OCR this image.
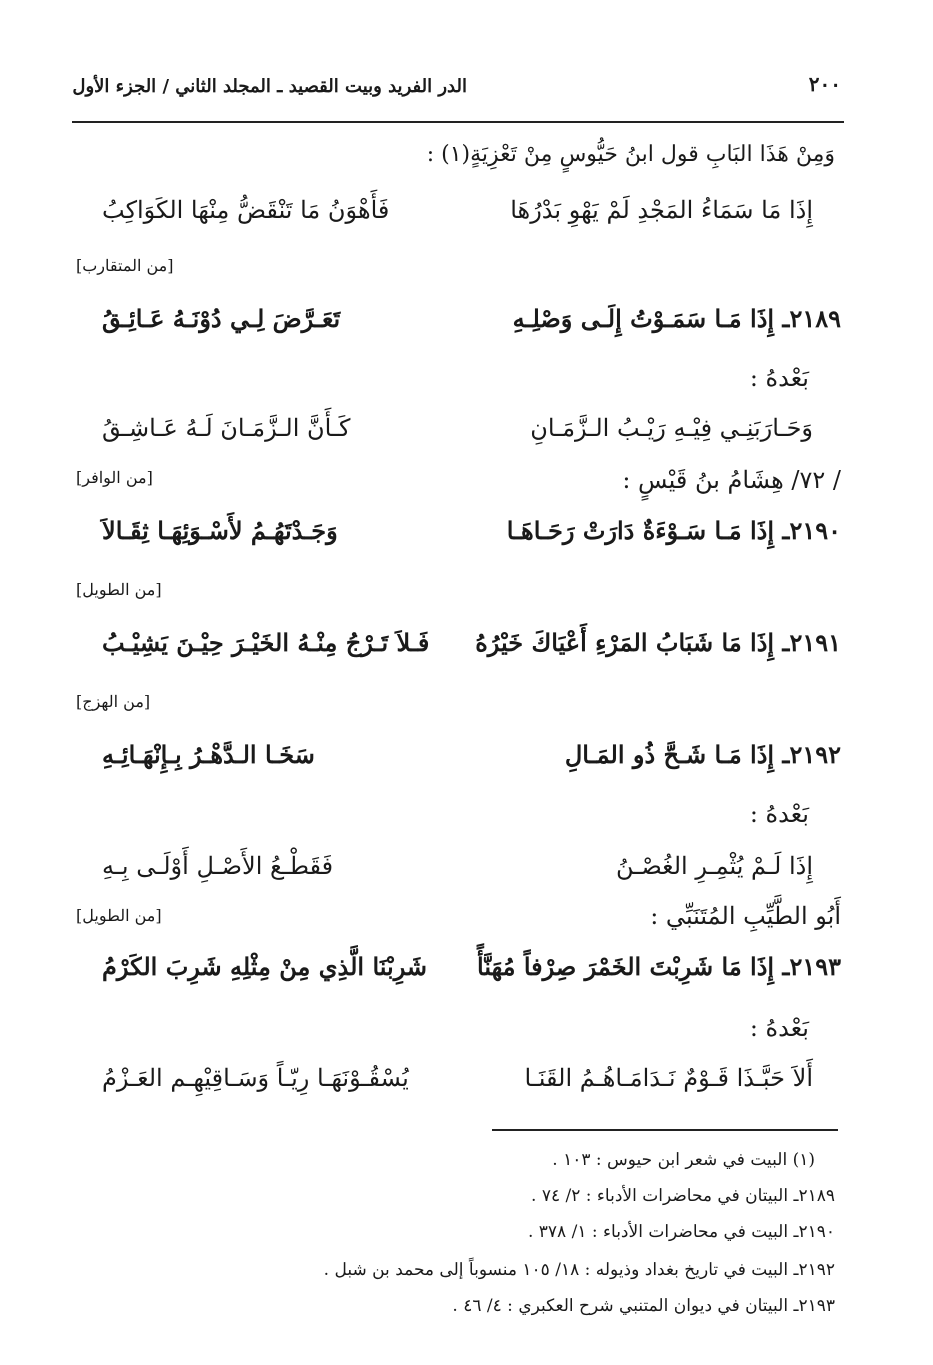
٢٠٠
الدر الفريد وبيت القصيد ـ المجلد الثاني / الجزء الأول
وَمِنْ هَذَا البَابِ قول ابنُ حَيُّوسٍ مِنْ تَعْزِيَةٍ(١) :
إِذَا مَا سَمَاءُ المَجْدِ لَمْ يَهْوِ بَدْرُهَا
فَأَهْوَنُ مَا تَنْقَضُّ مِنْهَا الكَوَاكِبُ
[من المتقارب]
٢١٨٩ـ إِذَا مَـا سَمَـوْتُ إِلَـى وَصْلِـهِ
تَعَـرَّضَ لِـي دُوْنَـهُ عَـائِـقُ
بَعْدهُ :
وَحَـارَبَنِـي فِيْـهِ رَيْـبُ الـزَّمَـانِ
كَـأَنَّ الـزَّمَـانَ لَـهُ عَـاشِـقُ
/ ٧٢/ هِشَامُ بنُ قَيْسٍ :
[من الوافر]
٢١٩٠ـ إِذَا مَـا سَـوْءَةٌ دَارَتْ رَحَـاهَـا
وَجَـدْتَهُـمُ لأَسْـوَئِهَـا ثِقَـالاَ
[من الطويل]
٢١٩١ـ إِذَا مَا شَبَابُ المَرْءِ أَعْيَاكَ خَيْرُهُ
فَـلاَ تَـرْجُ مِنْـهُ الخَيْـرَ حِيْـنَ يَشِيْـبُ
[من الهزج]
٢١٩٢ـ إِذَا مَـا شَـحَّ ذُو المَـالِ
سَخَـا الـدَّهْـرُ بِـإِنْهَـائِـهِ
بَعْدهُ :
إِذَا لَـمْ يُثْمِـرِ الغُصْـنُ
فَقَطْـعُ الأَصْـلِ أَوْلَـى بِـهِ
أَبُو الطَّيِّبِ المُتَنَبِّي :
[من الطويل]
٢١٩٣ـ إِذَا مَا شَرِبْتَ الخَمْرَ صِرْفاً مُهَنَّأً
شَرِبْنَا الَّذِي مِنْ مِثْلِهِ شَرِبَ الكَرْمُ
بَعْدهُ :
أَلاَ حَبَّـذَا قَـوْمٌ نَـدَامَـاهُـمُ القَنَـا
يُسْقُـوْنَهَـا رِيّـاً وَسَـاقِيْهِـم العَـزْمُ
(١) البيت في شعر ابن حيوس : ١٠٣ .
٢١٨٩ـ البيتان في محاضرات الأدباء : ٢/ ٧٤ .
٢١٩٠ـ البيت في محاضرات الأدباء : ١/ ٣٧٨ .
٢١٩٢ـ البيت في تاريخ بغداد وذيوله : ١٨/ ١٠٥ منسوباً إلى محمد بن شبل .
٢١٩٣ـ البيتان في ديوان المتنبي شرح العكبري : ٤/ ٤٦ .
